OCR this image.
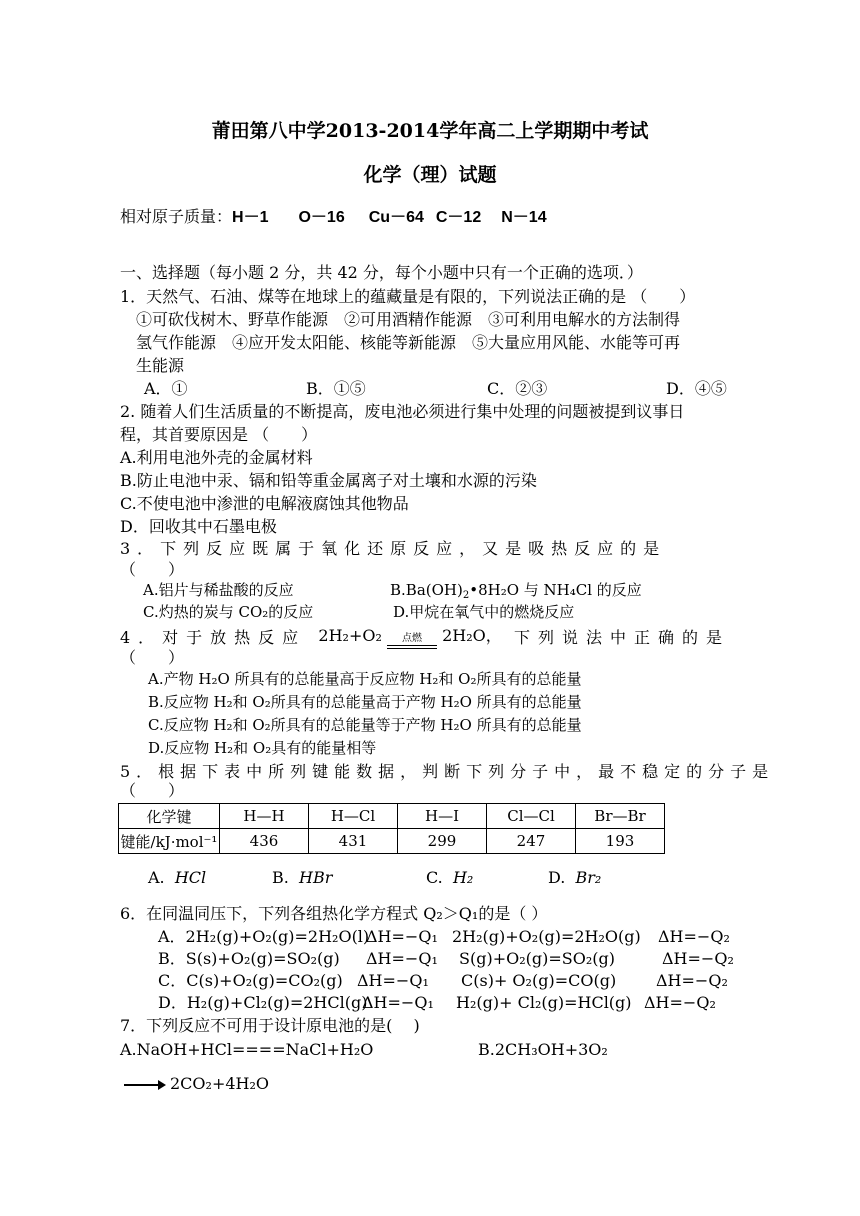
莆田第八中学2013-2014学年高二上学期期中考试
化学（理）试题
相对原子质量：H－1 O－16 Cu－64 C－12 N－14
一、选择题（每小题 2 分，共 42 分，每个小题中只有一个正确的选项．）
1．天然气、石油、煤等在地球上的蕴藏量是有限的，下列说法正确的是 （　　）
①可砍伐树木、野草作能源　②可用酒精作能源　③可利用电解水的方法制得
氢气作能源　④应开发太阳能、核能等新能源　⑤大量应用风能、水能等可再
生能源
A．①	B．①⑤	C．②③	D．④⑤
2. 随着人们生活质量的不断提高，废电池必须进行集中处理的问题被提到议事日
程，其首要原因是 （　　）
A.利用电池外壳的金属材料
B.防止电池中汞、镉和铅等重金属离子对土壤和水源的污染
C.不使电池中渗泄的电解液腐蚀其他物品
D．回收其中石墨电极
3．下列反应既属于氧化还原反应，又是吸热反应的是
（　　）
A.铝片与稀盐酸的反应	$B.Ba(OH)_2•8H_2O$ 与 NH₄Cl 的反应
C.灼热的炭与 CO₂的反应	D.甲烷在氧气中的燃烧反应
4．对于放热反应 2H₂+O₂	点燃	2H₂O， 下列说法中正确的是
（　　）
A.产物 H₂O 所具有的总能量高于反应物 H₂和 O₂所具有的总能量
B.反应物 H₂和 O₂所具有的总能量高于产物 H₂O 所具有的总能量
C.反应物 H₂和 O₂所具有的总能量等于产物 H₂O 所具有的总能量
D.反应物 H₂和 O₂具有的能量相等
5．根据下表中所列键能数据，判断下列分子中，最不稳定的分子是
（　　）
化学键	H—H	H—Cl	H—I	Cl—Cl	Br—Br
键能/kJ·mol⁻¹	436	431	299	247	193
A. HCl	B. HBr	C. H₂	D. Br₂
6．在同温同压下，下列各组热化学方程式 Q₂＞Q₁的是（ ）
A．2H₂(g)+O₂(g)=2H₂O(l)
ΔH=−Q₁ 2H₂(g)+O₂(g)=2H₂O(g) ΔH=−Q₂
B．S(s)+O₂(g)=SO₂(g) ΔH=−Q₁ S(g)+O₂(g)=SO₂(g)	ΔH=−Q₂
C．C(s)+O₂(g)=CO₂(g) ΔH=−Q₁ C(s)+ O₂(g)=CO(g) ΔH=−Q₂
D．H₂(g)+Cl₂(g)=2HCl(g)
ΔH=−Q₁ H₂(g)+ Cl₂(g)=HCl(g) ΔH=−Q₂
7．下列反应不可用于设计原电池的是(　 )
A.NaOH+HCl====NaCl+H₂O	B.2CH₃OH+3O₂
→ 2CO₂+4H₂O
